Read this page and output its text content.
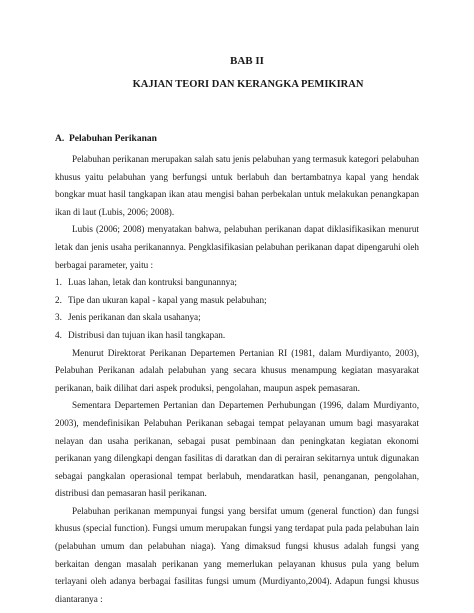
BAB II
KAJIAN TEORI DAN KERANGKA PEMIKIRAN
A. Pelabuhan Perikanan

Pelabuhan perikanan merupakan salah satu jenis pelabuhan yang termasuk kategori pelabuhan khusus yaitu pelabuhan yang berfungsi untuk berlabuh dan bertambatnya kapal yang hendak bongkar muat hasil tangkapan ikan atau mengisi bahan perbekalan untuk melakukan penangkapan ikan di laut (Lubis, 2006; 2008).

Lubis (2006; 2008) menyatakan bahwa, pelabuhan perikanan dapat diklasifikasikan menurut letak dan jenis usaha perikanannya. Pengklasifikasian pelabuhan perikanan dapat dipengaruhi oleh berbagai parameter, yaitu :

1. Luas lahan, letak dan kontruksi bangunannya;
2. Tipe dan ukuran kapal - kapal yang masuk pelabuhan;
3. Jenis perikanan dan skala usahanya;
4. Distribusi dan tujuan ikan hasil tangkapan.

Menurut Direktorat Perikanan Departemen Pertanian RI (1981, dalam Murdiyanto, 2003), Pelabuhan Perikanan adalah pelabuhan yang secara khusus menampung kegiatan masyarakat perikanan, baik dilihat dari aspek produksi, pengolahan, maupun aspek pemasaran.

Sementara Departemen Pertanian dan Departemen Perhubungan (1996, dalam Murdiyanto, 2003), mendefinisikan Pelabuhan Perikanan sebagai tempat pelayanan umum bagi masyarakat nelayan dan usaha perikanan, sebagai pusat pembinaan dan peningkatan kegiatan ekonomi perikanan yang dilengkapi dengan fasilitas di daratkan dan di perairan sekitarnya untuk digunakan sebagai pangkalan operasional tempat berlabuh, mendaratkan hasil, penanganan, pengolahan, distribusi dan pemasaran hasil perikanan.

Pelabuhan perikanan mempunyai fungsi yang bersifat umum (general function) dan fungsi khusus (special function). Fungsi umum merupakan fungsi yang terdapat pula pada pelabuhan lain (pelabuhan umum dan pelabuhan niaga). Yang dimaksud fungsi khusus adalah fungsi yang berkaitan dengan masalah perikanan yang memerlukan pelayanan khusus pula yang belum terlayani oleh adanya berbagai fasilitas fungsi umum (Murdiyanto,2004). Adapun fungsi khusus diantaranya :
